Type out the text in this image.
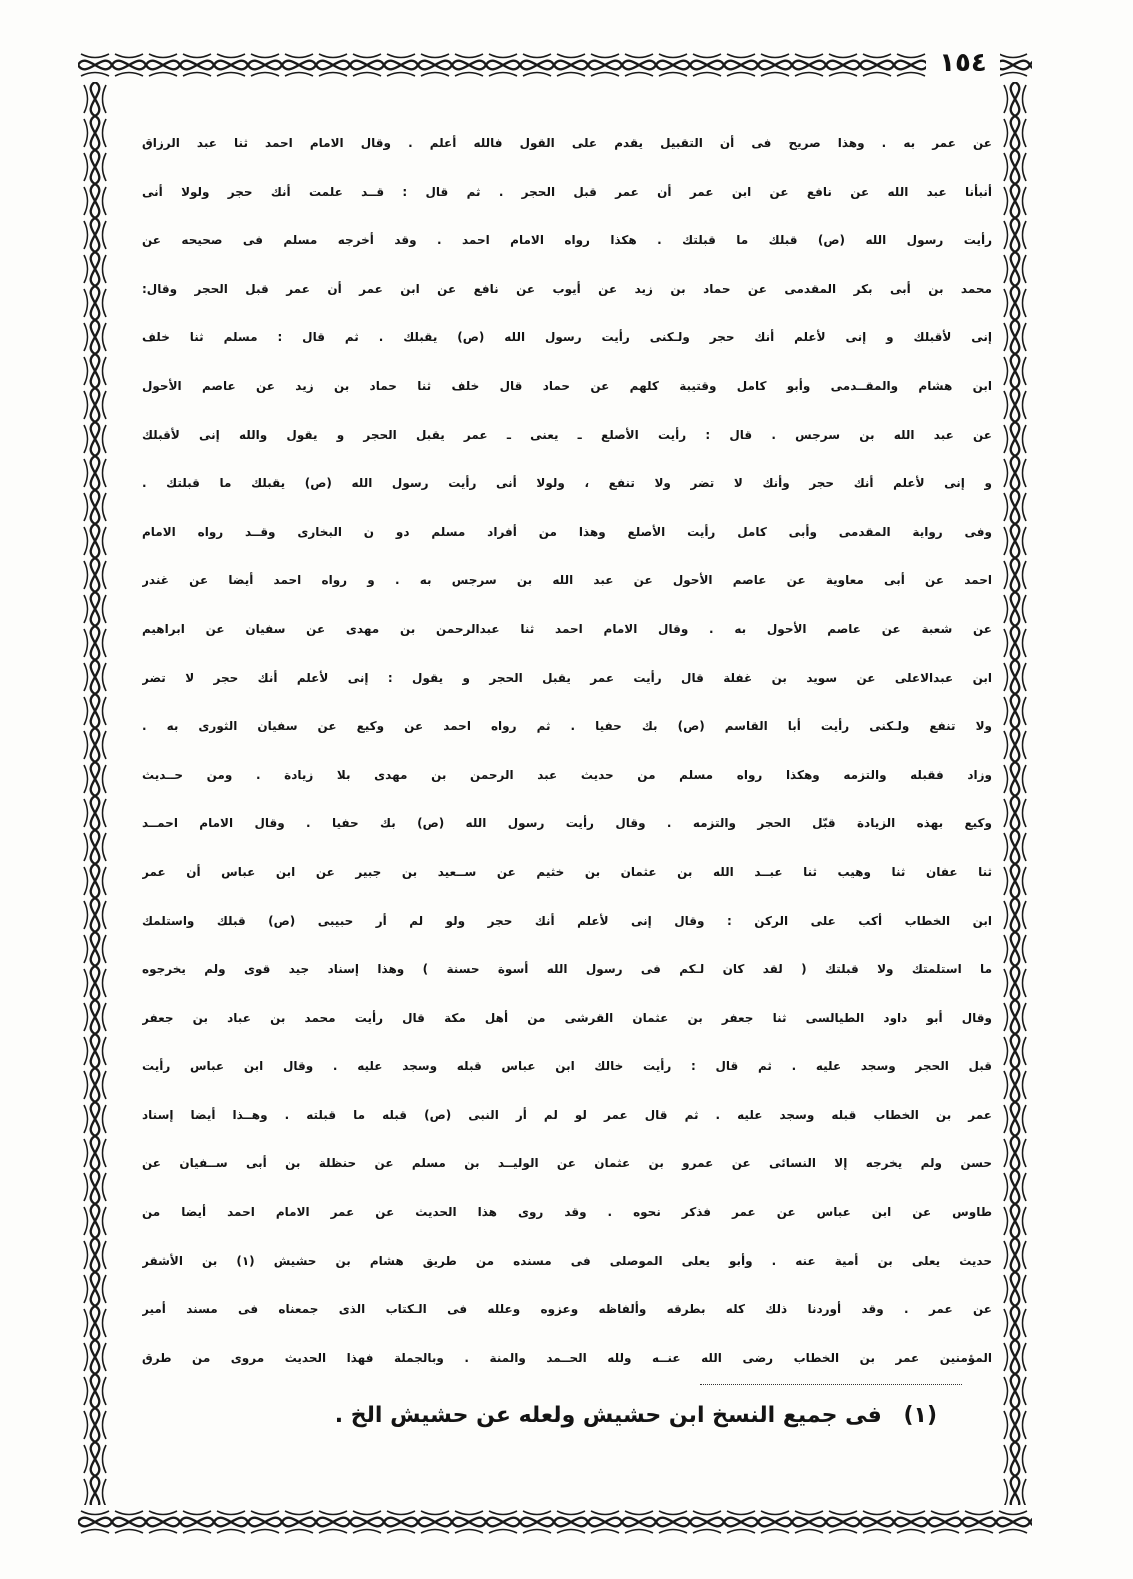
١٥٤
عن عمر به . وهذا صريح فى أن التقبيل يقدم على القول فالله أعلم . وقال الامام احمد ثنا عبد الرزاق
أنبأنا عبد الله عن نافع عن ابن عمر أن عمر قبل الحجر . ثم قال : قــد علمت أنك حجر ولولا أنى
رأيت رسول الله (ص) قبلك ما قبلتك . هكذا رواه الامام احمد . وقد أخرجه مسلم فى صحيحه عن
محمد بن أبى بكر المقدمى عن حماد بن زيد عن أيوب عن نافع عن ابن عمر أن عمر قبل الحجر وقال:
إنى لأقبلك و إنى لأعلم أنك حجر ولـكنى رأيت رسول الله (ص) يقبلك . ثم قال : مسلم ثنا خلف
ابن هشام والمقــدمى وأبو كامل وقتيبة كلهم عن حماد قال خلف ثنا حماد بن زيد عن عاصم الأحول
عن عبد الله بن سرجس . قال : رأيت الأصلع ـ يعنى ـ عمر يقبل الحجر و يقول والله إنى لأقبلك
و إنى لأعلم أنك حجر وأنك لا تضر ولا تنفع ، ولولا أنى رأيت رسول الله (ص) يقبلك ما قبلتك .
وفى رواية المقدمى وأبى كامل رأيت الأصلع وهذا من أفراد مسلم دو ن البخارى وقــد رواه الامام
احمد عن أبى معاوية عن عاصم الأحول عن عبد الله بن سرجس به . و رواه احمد أيضا عن غندر
عن شعبة عن عاصم الأحول به . وقال الامام احمد ثنا عبدالرحمن بن مهدى عن سفيان عن ابراهيم
ابن عبدالاعلى عن سويد بن غفلة قال رأيت عمر يقبل الحجر و يقول : إنى لأعلم أنك حجر لا تضر
ولا تنفع ولـكنى رأيت أبا القاسم (ص) بك حفيا . ثم رواه احمد عن وكيع عن سفيان الثورى به .
وزاد فقبله والتزمه وهكذا رواه مسلم من حديث عبد الرحمن بن مهدى بلا زيادة . ومن حــديث
وكيع بهذه الزيادة قبّل الحجر والتزمه . وقال رأيت رسول الله (ص) بك حفيا . وقال الامام احمــد
ثنا عفان ثنا وهيب ثنا عبــد الله بن عثمان بن خثيم عن ســعيد بن جبير عن ابن عباس أن عمر
ابن الخطاب أكب على الركن : وقال إنى لأعلم أنك حجر ولو لم أر حبيبى (ص) قبلك واستلمك
ما استلمتك ولا قبلتك ( لقد كان لـكم فى رسول الله أسوة حسنة ) وهذا إسناد جيد قوى ولم يخرجوه
وقال أبو داود الطيالسى ثنا جعفر بن عثمان القرشى من أهل مكة قال رأيت محمد بن عباد بن جعفر
قبل الحجر وسجد عليه . ثم قال : رأيت خالك ابن عباس قبله وسجد عليه . وقال ابن عباس رأيت
عمر بن الخطاب قبله وسجد عليه . ثم قال عمر لو لم أر النبى (ص) قبله ما قبلته . وهــذا أيضا إسناد
حسن ولم يخرجه إلا النسائى عن عمرو بن عثمان عن الوليــد بن مسلم عن حنظلة بن أبى ســفيان عن
طاوس عن ابن عباس عن عمر فذكر نحوه . وقد روى هذا الحديث عن عمر الامام احمد أيضا من
حديث يعلى بن أمية عنه . وأبو يعلى الموصلى فى مسنده من طريق هشام بن حشيش (١) بن الأشقر
عن عمر . وقد أوردنا ذلك كله بطرقه وألفاظه وعزوه وعلله فى الـكتاب الذى جمعناه فى مسند أمير
المؤمنين عمر بن الخطاب رضى الله عنــه ولله الحــمد والمنة . وبالجملة فهذا الحديث مروى من طرق
(١) فى جميع النسخ ابن حشيش ولعله عن حشيش الخ .
